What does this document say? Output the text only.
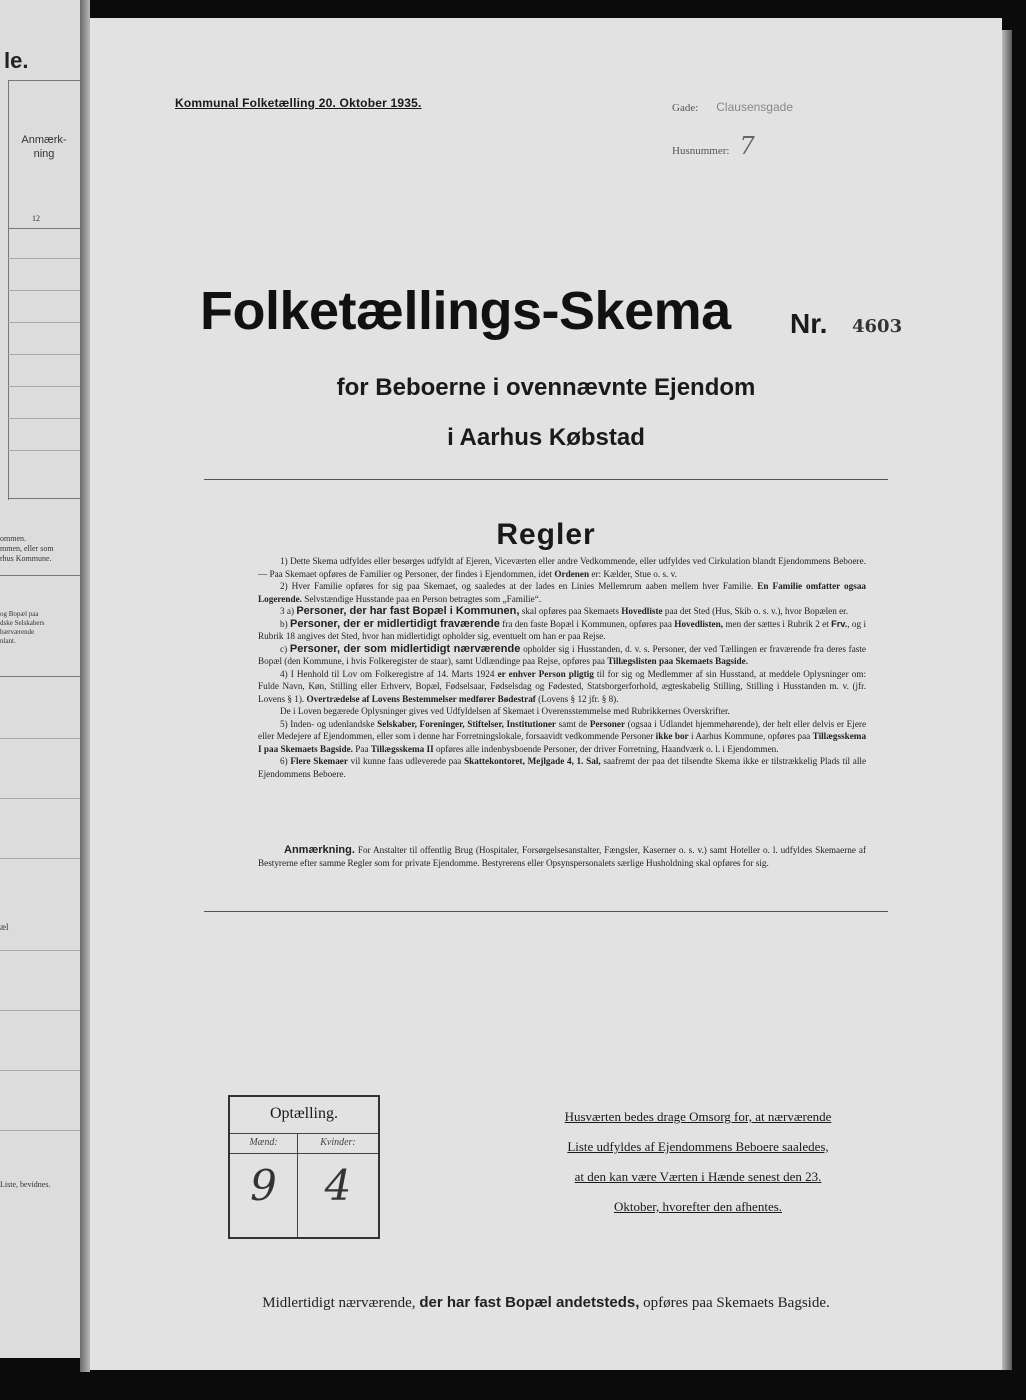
le.
Anmærk-
ning
12
ommen.
mmen, eller som
rhus Kommune.
og Bopæl paa
dske Selskabers
bærværende
nlant.
æl
Liste, bevidnes.
Kommunal Folketælling 20. Oktober 1935.	Gade: Clausensgade
Husnummer: 7
Folketællings-Skema Nr. 4603
for Beboerne i ovennævnte Ejendom
i Aarhus Købstad
Regler

1) Dette Skema udfyldes eller besørges udfyldt af Ejeren, Viceværten eller andre Vedkommende, eller udfyldes ved Cirkulation blandt Ejendommens Beboere. — Paa Skemaet opføres de Familier og Personer, der findes i Ejendommen, idet Ordenen er: Kælder, Stue o. s. v.

2) Hver Familie opføres for sig paa Skemaet, og saaledes at der lades en Linies Mellemrum aaben mellem hver Familie. En Familie omfatter ogsaa Logerende. Selvstændige Husstande paa en Person betragtes som „Familie“.

3 a) Personer, der har fast Bopæl i Kommunen, skal opføres paa Skemaets Hovedliste paa det Sted (Hus, Skib o. s. v.), hvor Bopælen er.

b) Personer, der er midlertidigt fraværende fra den faste Bopæl i Kommunen, opføres paa Hovedlisten, men der sættes i Rubrik 2 et Frv., og i Rubrik 18 angives det Sted, hvor han midlertidigt opholder sig, eventuelt om han er paa Rejse.

c) Personer, der som midlertidigt nærværende opholder sig i Husstanden, d. v. s. Personer, der ved Tællingen er fraværende fra deres faste Bopæl (den Kommune, i hvis Folkeregister de staar), samt Udlændinge paa Rejse, opføres paa Tillægslisten paa Skemaets Bagside.

4) I Henhold til Lov om Folkeregistre af 14. Marts 1924 er enhver Person pligtig til for sig og Medlemmer af sin Husstand, at meddele Oplysninger om: Fulde Navn, Køn, Stilling eller Erhverv, Bopæl, Fødselsaar, Fødselsdag og Fødested, Statsborgerforhold, ægteskabelig Stilling, Stilling i Husstanden m. v. (jfr. Lovens § 1). Overtrædelse af Lovens Bestemmelser medfører Bødestraf (Lovens § 12 jfr. § 8).

De i Loven begærede Oplysninger gives ved Udfyldelsen af Skemaet i Overensstemmelse med Rubrikkernes Overskrifter.

5) Inden- og udenlandske Selskaber, Foreninger, Stiftelser, Institutioner samt de Personer (ogsaa i Udlandet hjemmehørende), der helt eller delvis er Ejere eller Medejere af Ejendommen, eller som i denne har Forretningslokale, forsaavidt vedkommende Personer ikke bor i Aarhus Kommune, opføres paa Tillægsskema I paa Skemaets Bagside. Paa Tillægsskema II opføres alle indenbysboende Personer, der driver Forretning, Haandværk o. l. i Ejendommen.

6) Flere Skemaer vil kunne faas udleverede paa Skattekontoret, Mejlgade 4, 1. Sal, saafremt der paa det tilsendte Skema ikke er tilstrækkelig Plads til alle Ejendommens Beboere.

Anmærkning. For Anstalter til offentlig Brug (Hospitaler, Forsørgelsesanstalter, Fængsler, Kaserner o. s. v.) samt Hoteller o. l. udfyldes Skemaerne af Bestyrerne efter samme Regler som for private Ejendomme. Bestyrerens eller Opsynspersonalets særlige Husholdning skal opføres for sig.

Optælling.
Mænd:	Kvinder:
9	4
Husværten bedes drage Omsorg for, at nærværende
Liste udfyldes af Ejendommens Beboere saaledes,
at den kan være Værten i Hænde senest den 23.
Oktober, hvorefter den afhentes.
Midlertidigt nærværende, der har fast Bopæl andetsteds, opføres paa Skemaets Bagside.
